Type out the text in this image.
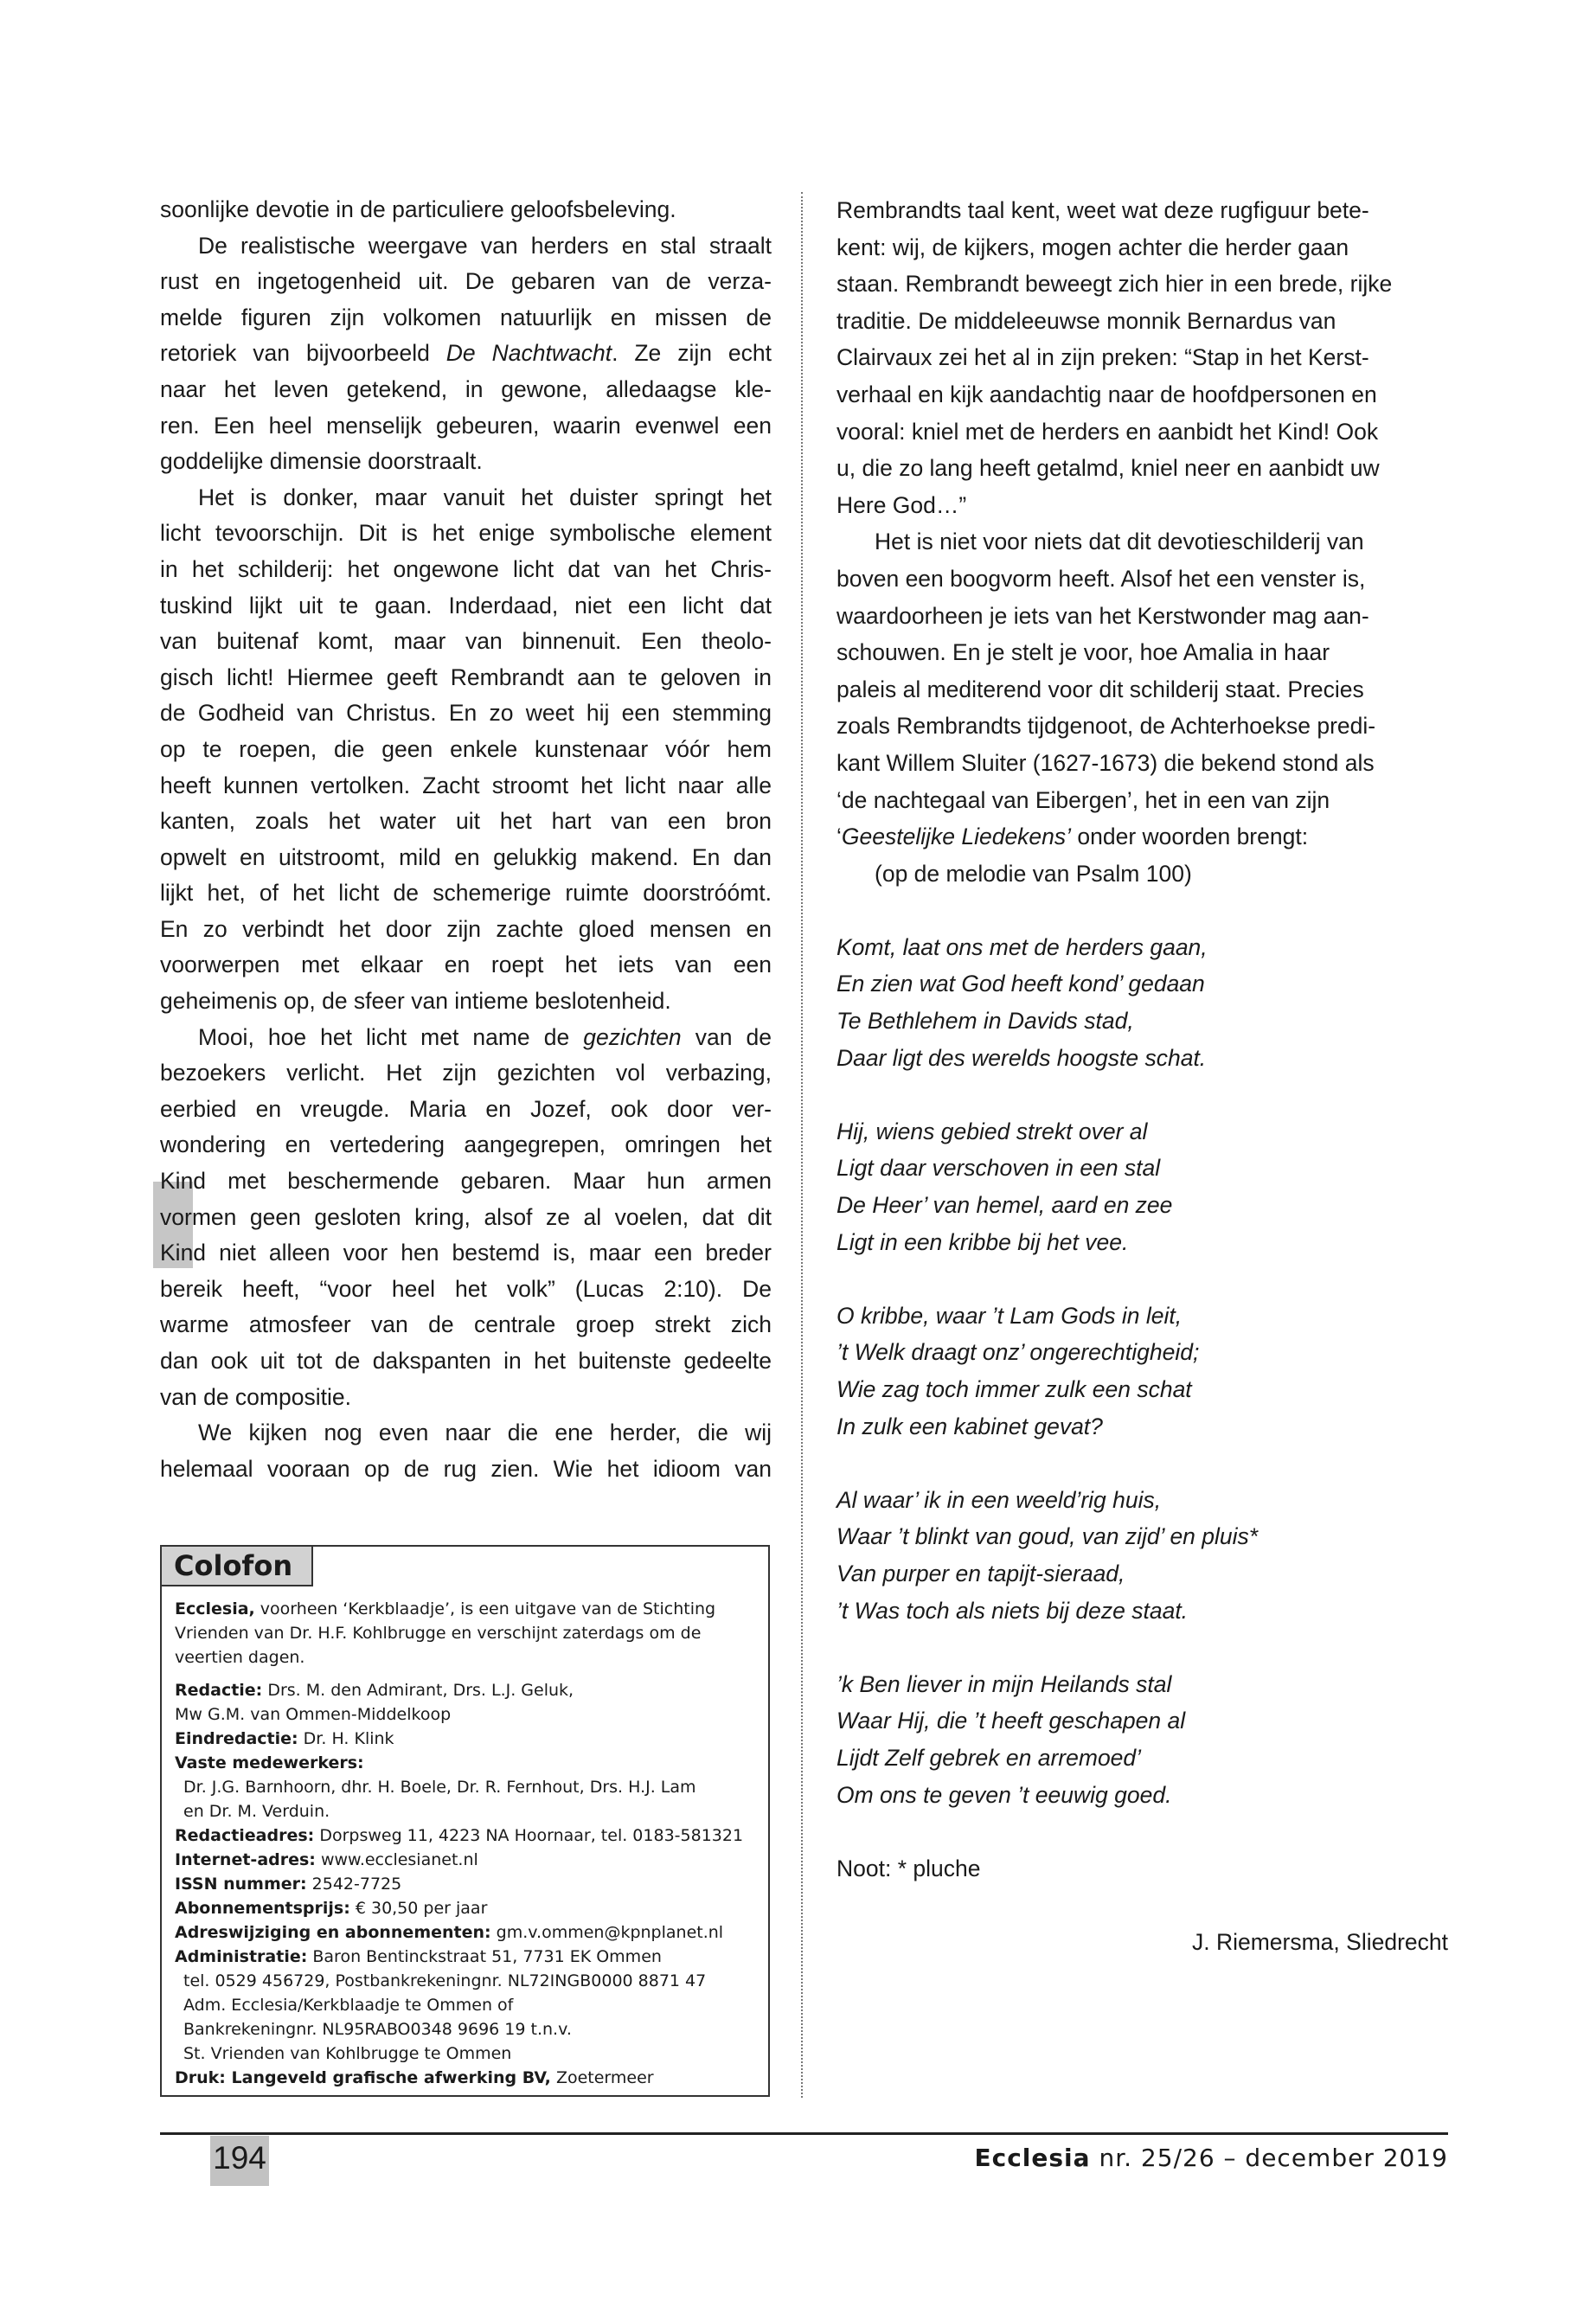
soonlijke devotie in de particuliere geloofsbeleving.
De realistische weergave van herders en stal straalt
rust en ingetogenheid uit. De gebaren van de verza-
melde figuren zijn volkomen natuurlijk en missen de
retoriek van bijvoorbeeld De Nachtwacht. Ze zijn echt
naar het leven getekend, in gewone, alledaagse kle-
ren. Een heel menselijk gebeuren, waarin evenwel een
goddelijke dimensie doorstraalt.
Het is donker, maar vanuit het duister springt het
licht tevoorschijn. Dit is het enige symbolische element
in het schilderij: het ongewone licht dat van het Chris-
tuskind lijkt uit te gaan. Inderdaad, niet een licht dat
van buitenaf komt, maar van binnenuit. Een theolo-
gisch licht! Hiermee geeft Rembrandt aan te geloven in
de Godheid van Christus. En zo weet hij een stemming
op te roepen, die geen enkele kunstenaar vóór hem
heeft kunnen vertolken. Zacht stroomt het licht naar alle
kanten, zoals het water uit het hart van een bron
opwelt en uitstroomt, mild en gelukkig makend. En dan
lijkt het, of het licht de schemerige ruimte doorstróómt.
En zo verbindt het door zijn zachte gloed mensen en
voorwerpen met elkaar en roept het iets van een
geheimenis op, de sfeer van intieme beslotenheid.
Mooi, hoe het licht met name de gezichten van de
bezoekers verlicht. Het zijn gezichten vol verbazing,
eerbied en vreugde. Maria en Jozef, ook door ver-
wondering en vertedering aangegrepen, omringen het
Kind met beschermende gebaren. Maar hun armen
vormen geen gesloten kring, alsof ze al voelen, dat dit
Kind niet alleen voor hen bestemd is, maar een breder
bereik heeft, “voor heel het volk” (Lucas 2:10). De
warme atmosfeer van de centrale groep strekt zich
dan ook uit tot de dakspanten in het buitenste gedeelte
van de compositie.
We kijken nog even naar die ene herder, die wij
helemaal vooraan op de rug zien. Wie het idioom van
Rembrandts taal kent, weet wat deze rugfiguur bete-
kent: wij, de kijkers, mogen achter die herder gaan
staan. Rembrandt beweegt zich hier in een brede, rijke
traditie. De middeleeuwse monnik Bernardus van
Clairvaux zei het al in zijn preken: “Stap in het Kerst-
verhaal en kijk aandachtig naar de hoofdpersonen en
vooral: kniel met de herders en aanbidt het Kind! Ook
u, die zo lang heeft getalmd, kniel neer en aanbidt uw
Here God…”
Het is niet voor niets dat dit devotieschilderij van
boven een boogvorm heeft. Alsof het een venster is,
waardoorheen je iets van het Kerstwonder mag aan-
schouwen. En je stelt je voor, hoe Amalia in haar
paleis al mediterend voor dit schilderij staat. Precies
zoals Rembrandts tijdgenoot, de Achterhoekse predi-
kant Willem Sluiter (1627-1673) die bekend stond als
‘de nachtegaal van Eibergen’, het in een van zijn
‘Geestelijke Liedekens’ onder woorden brengt:
(op de melodie van Psalm 100)
Komt, laat ons met de herders gaan,
En zien wat God heeft kond’ gedaan
Te Bethlehem in Davids stad,
Daar ligt des werelds hoogste schat.
Hij, wiens gebied strekt over al
Ligt daar verschoven in een stal
De Heer’ van hemel, aard en zee
Ligt in een kribbe bij het vee.
O kribbe, waar ’t Lam Gods in leit,
’t Welk draagt onz’ ongerechtigheid;
Wie zag toch immer zulk een schat
In zulk een kabinet gevat?
Al waar’ ik in een weeld’rig huis,
Waar ’t blinkt van goud, van zijd’ en pluis*
Van purper en tapijt-sieraad,
’t Was toch als niets bij deze staat.
’k Ben liever in mijn Heilands stal
Waar Hij, die ’t heeft geschapen al
Lijdt Zelf gebrek en arremoed’
Om ons te geven ’t eeuwig goed.
Noot: * pluche
J. Riemersma, Sliedrecht
Colofon
Ecclesia, voorheen ‘Kerkblaadje’, is een uitgave van de Stichting
Vrienden van Dr. H.F. Kohlbrugge en verschijnt zaterdags om de
veertien dagen.
Redactie: Drs. M. den Admirant, Drs. L.J. Geluk,
Mw G.M. van Ommen-Middelkoop
Eindredactie: Dr. H. Klink
Vaste medewerkers:
Dr. J.G. Barnhoorn, dhr. H. Boele, Dr. R. Fernhout, Drs. H.J. Lam
en Dr. M. Verduin.
Redactieadres: Dorpsweg 11, 4223 NA Hoornaar, tel. 0183-581321
Internet-adres: www.ecclesianet.nl
ISSN nummer: 2542-7725
Abonnementsprijs: € 30,50 per jaar
Adreswijziging en abonnementen: gm.v.ommen@kpnplanet.nl
Administratie: Baron Bentinckstraat 51, 7731 EK Ommen
tel. 0529 456729, Postbankrekeningnr. NL72INGB0000 8871 47
Adm. Ecclesia/Kerkblaadje te Ommen of
Bankrekeningnr. NL95RABO0348 9696 19 t.n.v.
St. Vrienden van Kohlbrugge te Ommen
Druk: Langeveld grafische afwerking BV, Zoetermeer
194	Ecclesia nr. 25/26 – december 2019
